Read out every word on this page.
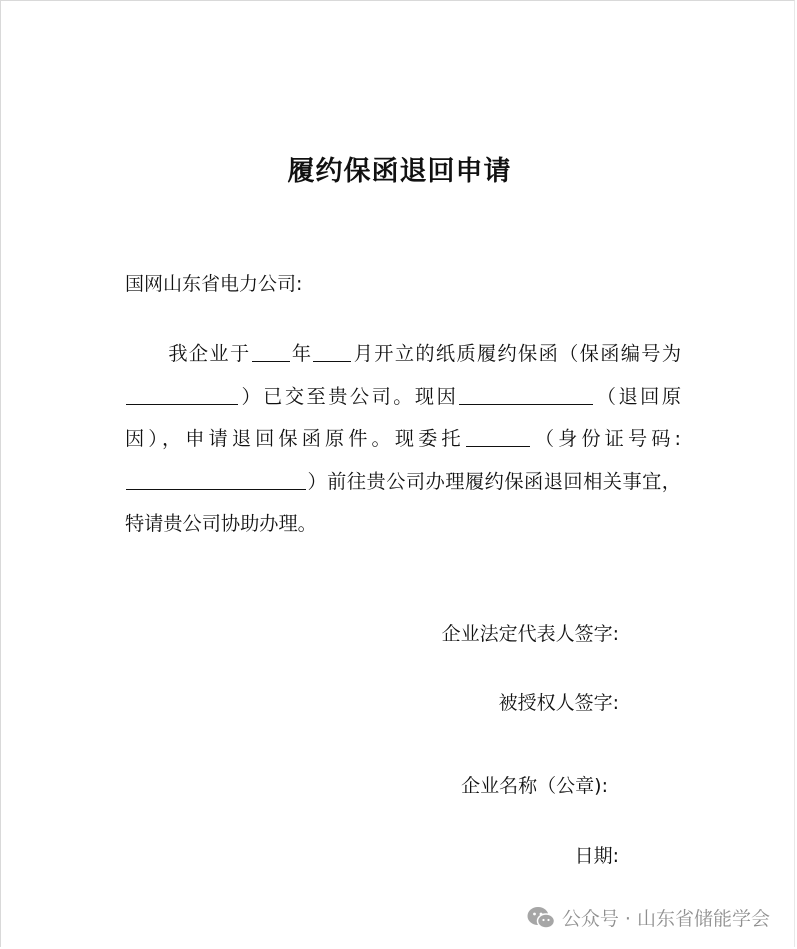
履约保函退回申请
国网山东省电力公司:
我企业于 年 月开立的纸质履约保函（保函编号为）已交至贵公司。现因	（退回原因），申请退回保函原件。现委托	（身份证号码:）前往贵公司办理履约保函退回相关事宜，特请贵公司协助办理。
企业法定代表人签字:
被授权人签字:
企业名称（公章):
日期:
公众号 · 山东省储能学会
